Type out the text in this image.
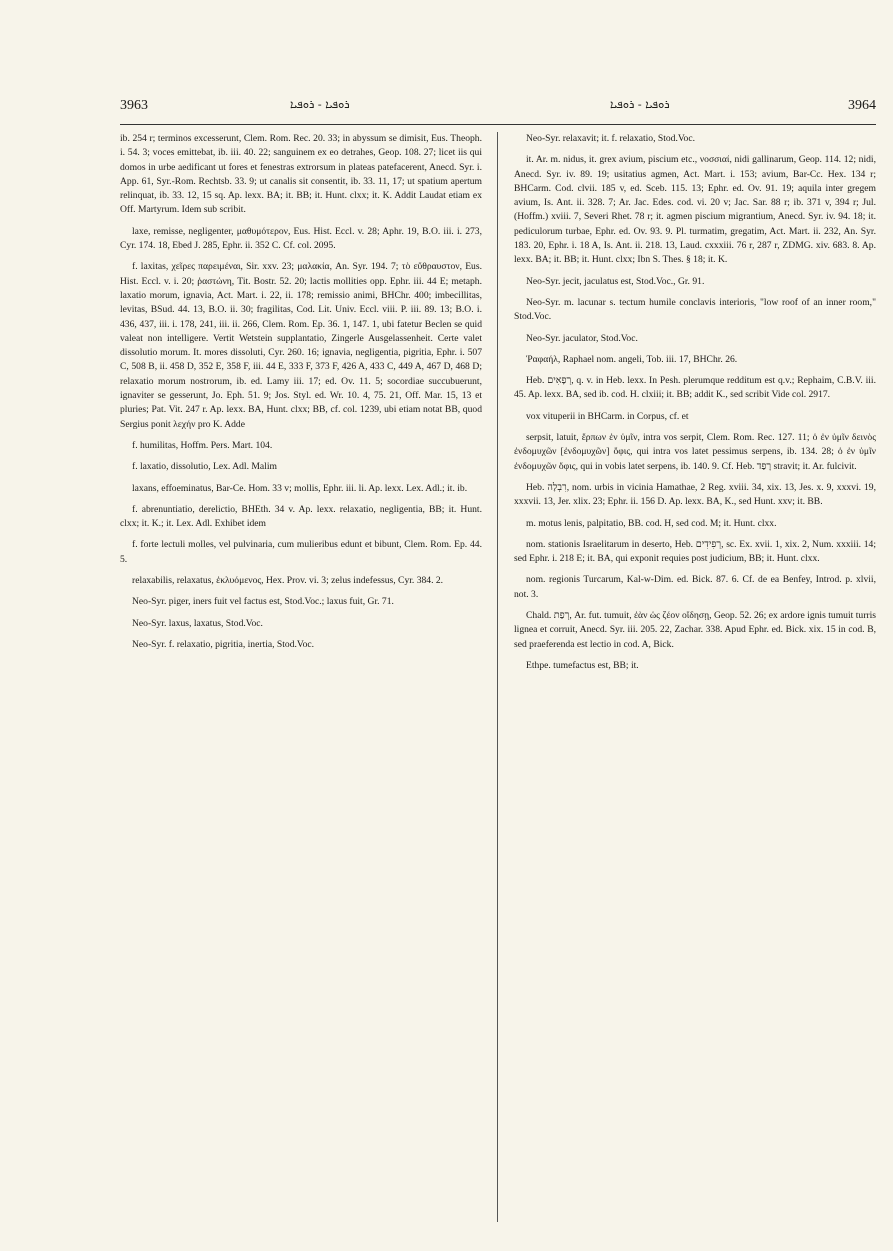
3963	ܪܘܦܝܐ - ܪܘܦܝܐ	ܪܘܦܝܐ - ܪܘܦܝܐ	3964

ib. 254 r; terminos excesserunt, Clem. Rom. Rec. 20. 33; in abyssum se dimisit, Eus. Theoph. i. 54. 3; voces emittebat, ib. iii. 40. 22; sanguinem ex eo detrahes, Geop. 108. 27; licet iis qui domos in urbe aedificant ut fores et fenestras extrorsum in plateas patefacerent, Anecd. Syr. i. App. 61, Syr.-Rom. Rechtsb. 33. 9; ut canalis sit consentit, ib. 33. 11, 17; ut spatium apertum relinquat, ib. 33. 12, 15 sq. Ap. lexx. BA; it. BB; it. Hunt. clxx; it. K. Addit Laudat etiam ex Off. Martyrum. Idem sub scribit.

laxe, remisse, negligenter, μαθυμότερον, Eus. Hist. Eccl. v. 28; Aphr. 19, B.O. iii. i. 273, Cyr. 174. 18, Ebed J. 285, Ephr. ii. 352 C. Cf. col. 2095.

f. laxitas, χεῖρες παρειμέναι, Sir. xxv. 23; μαλακία, An. Syr. 194. 7; τὸ εὔθραυστον, Eus. Hist. Eccl. v. i. 20; ῥαστώνη, Tit. Bostr. 52. 20; lactis mollities opp. Ephr. iii. 44 E; metaph. laxatio morum, ignavia, Act. Mart. i. 22, ii. 178; remissio animi, BHChr. 400; imbecillitas, levitas, BSud. 44. 13, B.O. ii. 30; fragilitas, Cod. Lit. Univ. Eccl. viii. P. iii. 89. 13; B.O. i. 436, 437, iii. i. 178, 241, iii. ii. 266, Clem. Rom. Ep. 36. 1, 147. 1, ubi fatetur Beclen se quid valeat non intelligere. Vertit Wetstein supplantatio, Zingerle Ausgelassenheit. Certe valet dissolutio morum. It. mores dissoluti, Cyr. 260. 16; ignavia, negligentia, pigritia, Ephr. i. 507 C, 508 B, ii. 458 D, 352 E, 358 F, iii. 44 E, 333 F, 373 F, 426 A, 433 C, 449 A, 467 D, 468 D; relaxatio morum nostrorum, ib. ed. Lamy iii. 17; ed. Ov. 11. 5; socordiae succubuerunt, ignaviter se gesserunt, Jo. Eph. 51. 9; Jos. Styl. ed. Wr. 10. 4, 75. 21, Off. Mar. 15, 13 et pluries; Pat. Vit. 247 r. Ap. lexx. BA, Hunt. clxx; BB, cf. col. 1239, ubi etiam notat BB, quod Sergius ponit λεχήν pro K. Adde

f. humilitas, Hoffm. Pers. Mart. 104.

f. laxatio, dissolutio, Lex. Adl. Malim

laxans, effoeminatus, Bar-Ce. Hom. 33 v; mollis, Ephr. iii. li. Ap. lexx. Lex. Adl.; it. ib.

f. abrenuntiatio, derelictio, BHEth. 34 v. Ap. lexx. relaxatio, negligentia, BB; it. Hunt. clxx; it. K.; it. Lex. Adl. Exhibet idem

f. forte lectuli molles, vel pulvinaria, cum mulieribus edunt et bibunt, Clem. Rom. Ep. 44. 5.

relaxabilis, relaxatus, ἐκλυόμενος, Hex. Prov. vi. 3; zelus indefessus, Cyr. 384. 2.

Neo-Syr. piger, iners fuit vel factus est, Stod.Voc.; laxus fuit, Gr. 71.

Neo-Syr. laxus, laxatus, Stod.Voc.

Neo-Syr. f. relaxatio, pigritia, inertia, Stod.Voc.

Neo-Syr. relaxavit; it. f. relaxatio, Stod.Voc.

it. Ar. m. nidus, it. grex avium, piscium etc., νοσσιαί, nidi gallinarum, Geop. 114. 12; nidi, Anecd. Syr. iv. 89. 19; usitatius agmen, Act. Mart. i. 153; avium, Bar-Cc. Hex. 134 r; BHCarm. Cod. clvii. 185 v, ed. Sceb. 115. 13; Ephr. ed. Ov. 91. 19; aquila inter gregem avium, Is. Ant. ii. 328. 7; Ar. Jac. Edes. cod. vi. 20 v; Jac. Sar. 88 r; ib. 371 v, 394 r; Jul. (Hoffm.) xviii. 7, Severi Rhet. 78 r; it. agmen piscium migrantium, Anecd. Syr. iv. 94. 18; it. pediculorum turbae, Ephr. ed. Ov. 93. 9. Pl. turmatim, gregatim, Act. Mart. ii. 232, An. Syr. 183. 20, Ephr. i. 18 A, Is. Ant. ii. 218. 13, Laud. cxxxiii. 76 r, 287 r, ZDMG. xiv. 683. 8. Ap. lexx. BA; it. BB; it. Hunt. clxx; Ibn S. Thes. § 18; it. K.

Neo-Syr. jecit, jaculatus est, Stod.Voc., Gr. 91.

Neo-Syr. m. lacunar s. tectum humile conclavis interioris, "low roof of an inner room," Stod.Voc.

Neo-Syr. jaculator, Stod.Voc.

Ῥαφαήλ, Raphael nom. angeli, Tob. iii. 17, BHChr. 26.

Heb. רְפָאִים, q. v. in Heb. lexx. In Pesh. plerumque redditum est q.v.; Rephaim, C.B.V. iii. 45. Ap. lexx. BA, sed ib. cod. H. clxiii; it. BB; addit K., sed scribit Vide col. 2917.

vox vituperii in BHCarm. in Corpus, cf. et

serpsit, latuit, ἕρπων ἐν ὑμῖν, intra vos serpit, Clem. Rom. Rec. 127. 11; ὁ ἐν ὑμῖν δεινὸς ἐνδομυχῶν [ἐνδομυχῶν] ὄφις, qui intra vos latet pessimus serpens, ib. 134. 28; ὁ ἐν ὑμῖν ἐνδομυχῶν ὄφις, qui in vobis latet serpens, ib. 140. 9. Cf. Heb. רָפַד stravit; it. Ar. fulcivit.

Heb. רִבְלָה, nom. urbis in vicinia Hamathae, 2 Reg. xviii. 34, xix. 13, Jes. x. 9, xxxvi. 19, xxxvii. 13, Jer. xlix. 23; Ephr. ii. 156 D. Ap. lexx. BA, K., sed Hunt. xxv; it. BB.

m. motus lenis, palpitatio, BB. cod. H, sed cod. M; it. Hunt. clxx.

nom. stationis Israelitarum in deserto, Heb. רְפִידִים, sc. Ex. xvii. 1, xix. 2, Num. xxxiii. 14; sed Ephr. i. 218 E; it. BA, qui exponit requies post judicium, BB; it. Hunt. clxx.

nom. regionis Turcarum, Kal-w-Dim. ed. Bick. 87. 6. Cf. de ea Benfey, Introd. p. xlvii, not. 3.

Chald. רְפַת, Ar. fut. tumuit, ἐὰν ὡς ζέον οἴδησῃ, Geop. 52. 26; ex ardore ignis tumuit turris lignea et corruit, Anecd. Syr. iii. 205. 22, Zachar. 338. Apud Ephr. ed. Bick. xix. 15 in cod. B, sed praeferenda est lectio in cod. A, Bick.

Ethpe. tumefactus est, BB; it.
